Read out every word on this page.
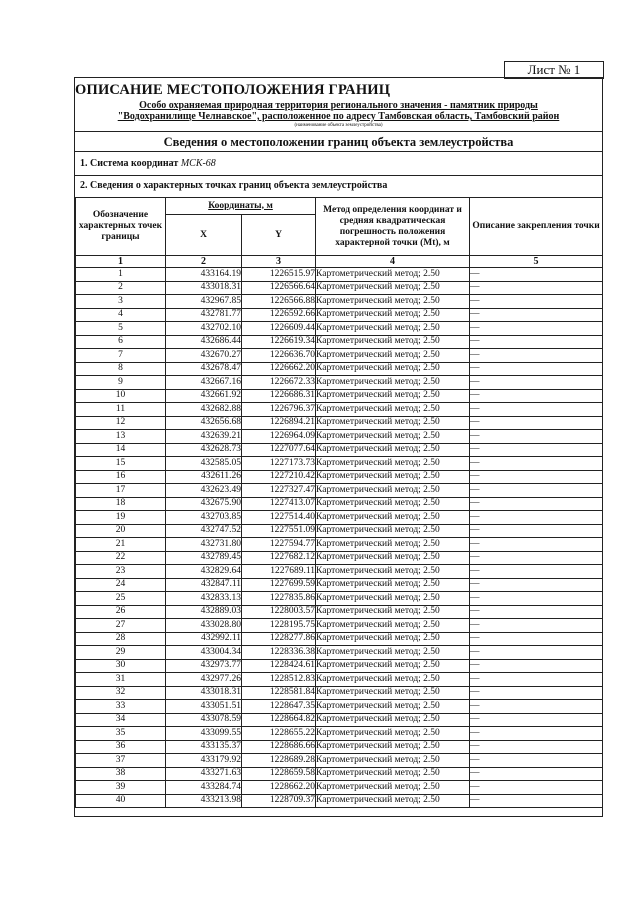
Лист № 1
ОПИСАНИЕ МЕСТОПОЛОЖЕНИЯ ГРАНИЦ
Особо охраняемая природная территория регионального значения - памятник природы
"Водохранилище Челнавское", расположенное по адресу Тамбовская область, Тамбовский район
(наименование объекта землеустройства)
Сведения о местоположении границ объекта землеустройства
1. Система координат МСК-68
2. Сведения о характерных точках границ объекта землеустройства
Обозначение характерных точек границы	Координаты, м		Метод определения координат и средняя квадратическая погрешность положения характерной точки (Mt), м	Описание закрепления точки
	X	Y		
1	2	3	4	5
1	433164.19	1226515.97	Картометрический метод; 2.50	—
2	433018.31	1226566.64	Картометрический метод; 2.50	—
3	432967.85	1226566.88	Картометрический метод; 2.50	—
4	432781.77	1226592.66	Картометрический метод; 2.50	—
5	432702.10	1226609.44	Картометрический метод; 2.50	—
6	432686.44	1226619.34	Картометрический метод; 2.50	—
7	432670.27	1226636.70	Картометрический метод; 2.50	—
8	432678.47	1226662.20	Картометрический метод; 2.50	—
9	432667.16	1226672.33	Картометрический метод; 2.50	—
10	432661.92	1226686.31	Картометрический метод; 2.50	—
11	432682.88	1226796.37	Картометрический метод; 2.50	—
12	432656.68	1226894.21	Картометрический метод; 2.50	—
13	432639.21	1226964.09	Картометрический метод; 2.50	—
14	432628.73	1227077.64	Картометрический метод; 2.50	—
15	432585.05	1227173.73	Картометрический метод; 2.50	—
16	432611.26	1227210.42	Картометрический метод; 2.50	—
17	432623.49	1227327.47	Картометрический метод; 2.50	—
18	432675.90	1227413.07	Картометрический метод; 2.50	—
19	432703.85	1227514.40	Картометрический метод; 2.50	—
20	432747.52	1227551.09	Картометрический метод; 2.50	—
21	432731.80	1227594.77	Картометрический метод; 2.50	—
22	432789.45	1227682.12	Картометрический метод; 2.50	—
23	432829.64	1227689.11	Картометрический метод; 2.50	—
24	432847.11	1227699.59	Картометрический метод; 2.50	—
25	432833.13	1227835.86	Картометрический метод; 2.50	—
26	432889.03	1228003.57	Картометрический метод; 2.50	—
27	433028.80	1228195.75	Картометрический метод; 2.50	—
28	432992.11	1228277.86	Картометрический метод; 2.50	—
29	433004.34	1228336.38	Картометрический метод; 2.50	—
30	432973.77	1228424.61	Картометрический метод; 2.50	—
31	432977.26	1228512.83	Картометрический метод; 2.50	—
32	433018.31	1228581.84	Картометрический метод; 2.50	—
33	433051.51	1228647.35	Картометрический метод; 2.50	—
34	433078.59	1228664.82	Картометрический метод; 2.50	—
35	433099.55	1228655.22	Картометрический метод; 2.50	—
36	433135.37	1228686.66	Картометрический метод; 2.50	—
37	433179.92	1228689.28	Картометрический метод; 2.50	—
38	433271.63	1228659.58	Картометрический метод; 2.50	—
39	433284.74	1228662.20	Картометрический метод; 2.50	—
40	433213.98	1228709.37	Картометрический метод; 2.50	—
